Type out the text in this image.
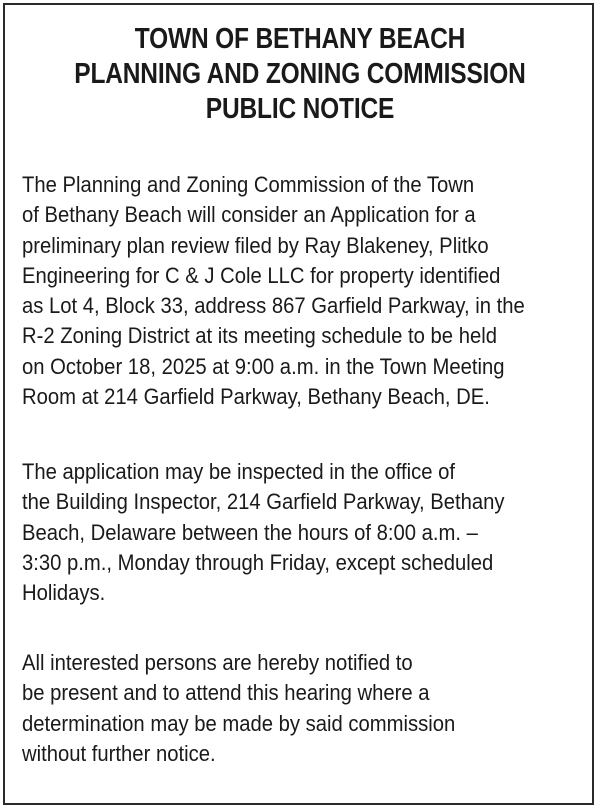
TOWN OF BETHANY BEACH
PLANNING AND ZONING COMMISSION
PUBLIC NOTICE
The Planning and Zoning Commission of the Town
of Bethany Beach will consider an Application for a
preliminary plan review filed by Ray Blakeney, Plitko
Engineering for C & J Cole LLC for property identified
as Lot 4, Block 33, address 867 Garfield Parkway, in the
R-2 Zoning District at its meeting schedule to be held
on October 18, 2025 at 9:00 a.m. in the Town Meeting
Room at 214 Garfield Parkway, Bethany Beach, DE.
The application may be inspected in the office of
the Building Inspector, 214 Garfield Parkway, Bethany
Beach, Delaware between the hours of 8:00 a.m. –
3:30 p.m., Monday through Friday, except scheduled
Holidays.
All interested persons are hereby notified to
be present and to attend this hearing where a
determination may be made by said commission
without further notice.
